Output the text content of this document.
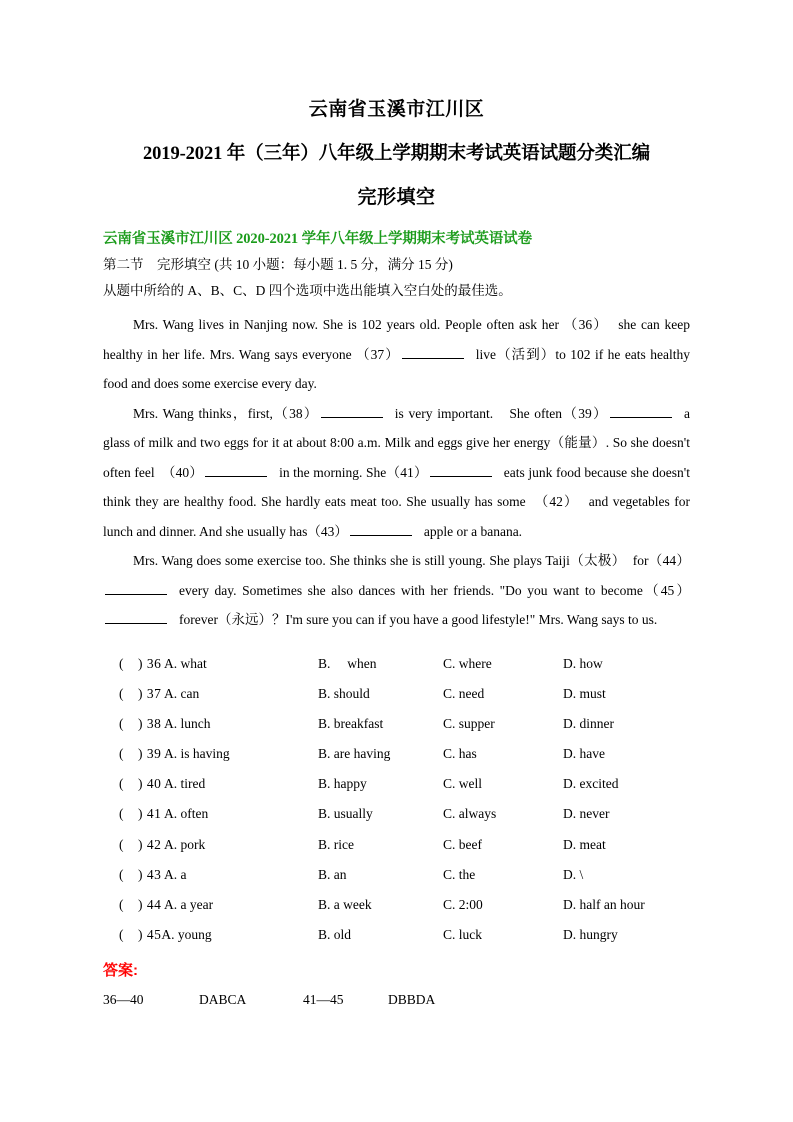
云南省玉溪市江川区
2019-2021 年（三年）八年级上学期期末考试英语试题分类汇编
完形填空
云南省玉溪市江川区 2020-2021 学年八年级上学期期末考试英语试卷
第二节　完形填空 (共 10 小题：每小题 1. 5 分，满分 15 分)
从题中所给的 A、B、C、D 四个选项中选出能填入空白处的最佳选。

Mrs. Wang lives in Nanjing now. She is 102 years old. People often ask her （36） she can keep healthy in her life. Mrs. Wang says everyone （37）	live（活到）to 102 if he eats healthy food and does some exercise every day.

Mrs. Wang thinks，first,（38）	is very important.　She often（39）	a glass of milk and two eggs for it at about 8:00 a.m. Milk and eggs give her energy（能量）. So she doesn't often feel　（40）	in the morning. She（41）	eats junk food because she doesn't think they are healthy food. She hardly eats meat too. She usually has some　（42） and vegetables for lunch and dinner. And she usually has（43）	apple or a banana.

Mrs. Wang does some exercise too. She thinks she is still young. She plays Taiji（太极）　for（44）every day. Sometimes she also dances with her friends. "Do you want to become（45）forever（永远）？I'm sure you can if you have a good lifestyle!" Mrs. Wang says to us.

(　) 36 A. what	B.　 when	C. where	D. how
(　) 37 A. can	B. should	C. need	D. must
(　) 38 A. lunch	B. breakfast	C. supper	D. dinner
(　) 39 A. is having	B. are having	C. has	D. have
(　) 40 A. tired	B. happy	C. well	D. excited
(　) 41 A. often	B. usually	C. always	D. never
(　) 42 A. pork	B. rice	C. beef	D. meat
(　) 43 A. a	B. an	C. the	D. \
(　) 44 A. a year	B. a week	C. 2:00	D. half an hour
(　) 45A. young	B. old	C. luck	D. hungry
答案:
36—40	DABCA	41—45	DBBDA
